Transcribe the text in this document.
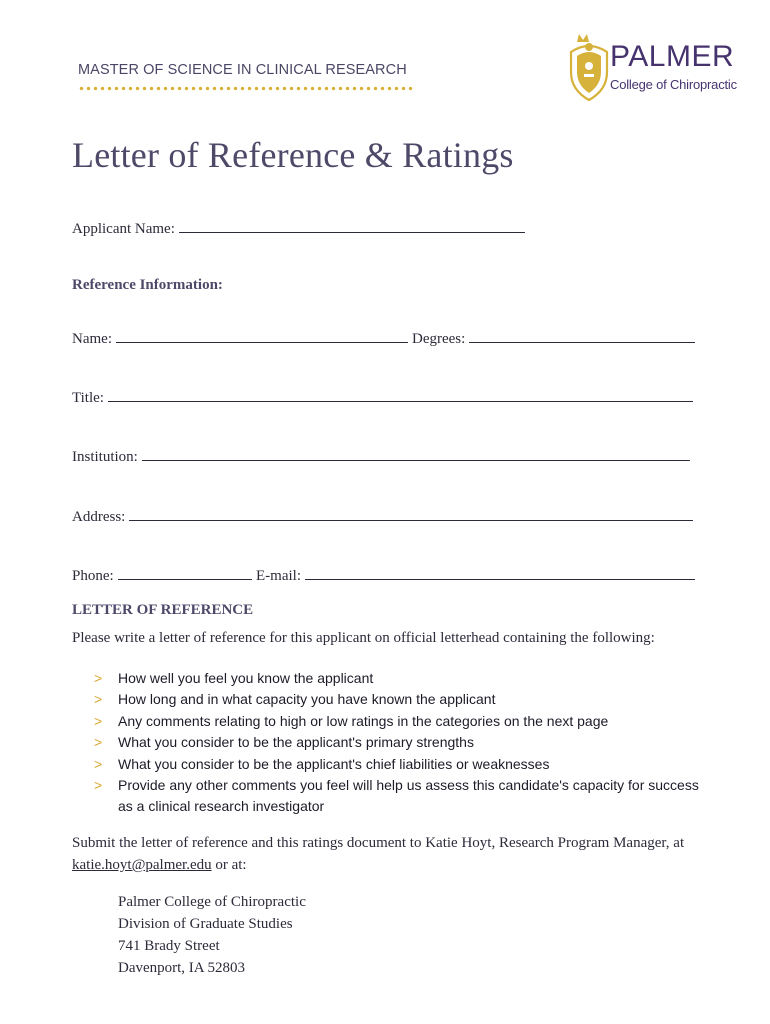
MASTER OF SCIENCE IN CLINICAL RESEARCH	PALMER
College of Chiropractic
Letter of Reference & Ratings
Applicant Name:
Reference Information:
Name:	Degrees:
Title:
Institution:
Address:
Phone:	E-mail:
LETTER OF REFERENCE
Please write a letter of reference for this applicant on official letterhead containing the following:
>	How well you feel you know the applicant
>	How long and in what capacity you have known the applicant
>	Any comments relating to high or low ratings in the categories on the next page
>	What you consider to be the applicant's primary strengths
>	What you consider to be the applicant's chief liabilities or weaknesses
>	Provide any other comments you feel will help us assess this candidate's capacity for success as a clinical research investigator
Submit the letter of reference and this ratings document to Katie Hoyt, Research Program Manager, at katie.hoyt@palmer.edu or at:
Palmer College of Chiropractic
Division of Graduate Studies
741 Brady Street
Davenport, IA 52803
